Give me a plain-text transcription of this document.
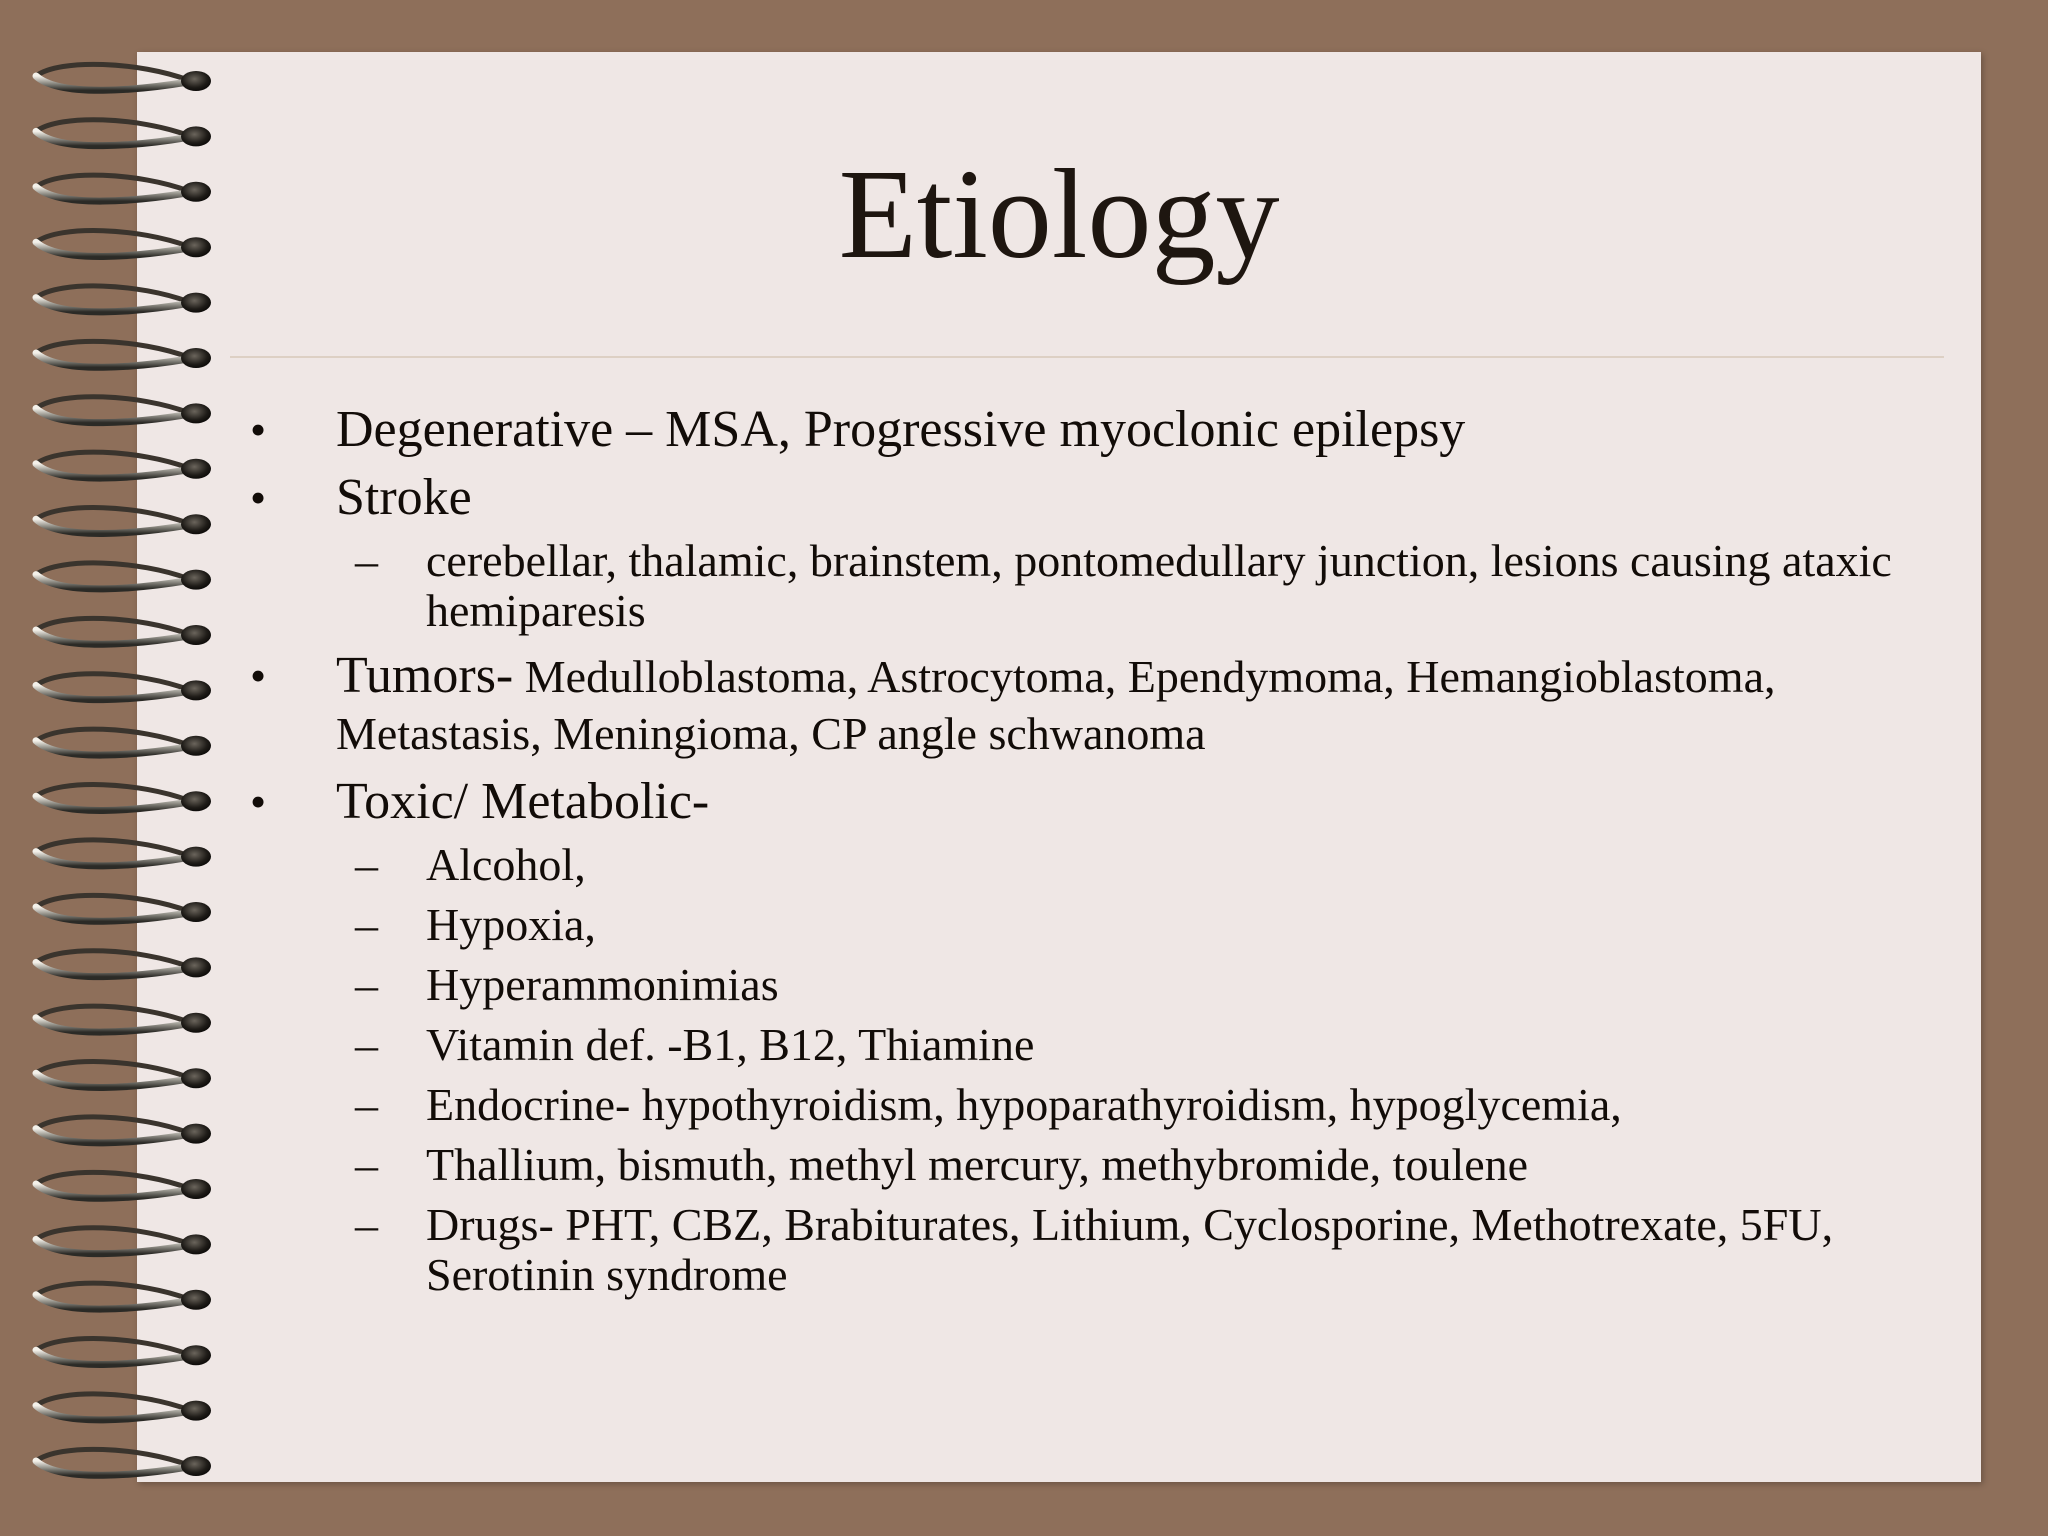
Etiology
• Degenerative – MSA, Progressive myoclonic epilepsy
• Stroke
– cerebellar, thalamic, brainstem, pontomedullary junction, lesions causing ataxic hemiparesis
• Tumors- Medulloblastoma, Astrocytoma, Ependymoma, Hemangioblastoma, Metastasis, Meningioma, CP angle schwanoma
• Toxic/ Metabolic-
– Alcohol,
– Hypoxia,
– Hyperammonimias
– Vitamin def. -B1, B12, Thiamine
– Endocrine- hypothyroidism, hypoparathyroidism, hypoglycemia,
– Thallium, bismuth, methyl mercury, methybromide, toulene
– Drugs- PHT, CBZ, Brabiturates, Lithium, Cyclosporine, Methotrexate, 5FU, Serotinin syndrome
